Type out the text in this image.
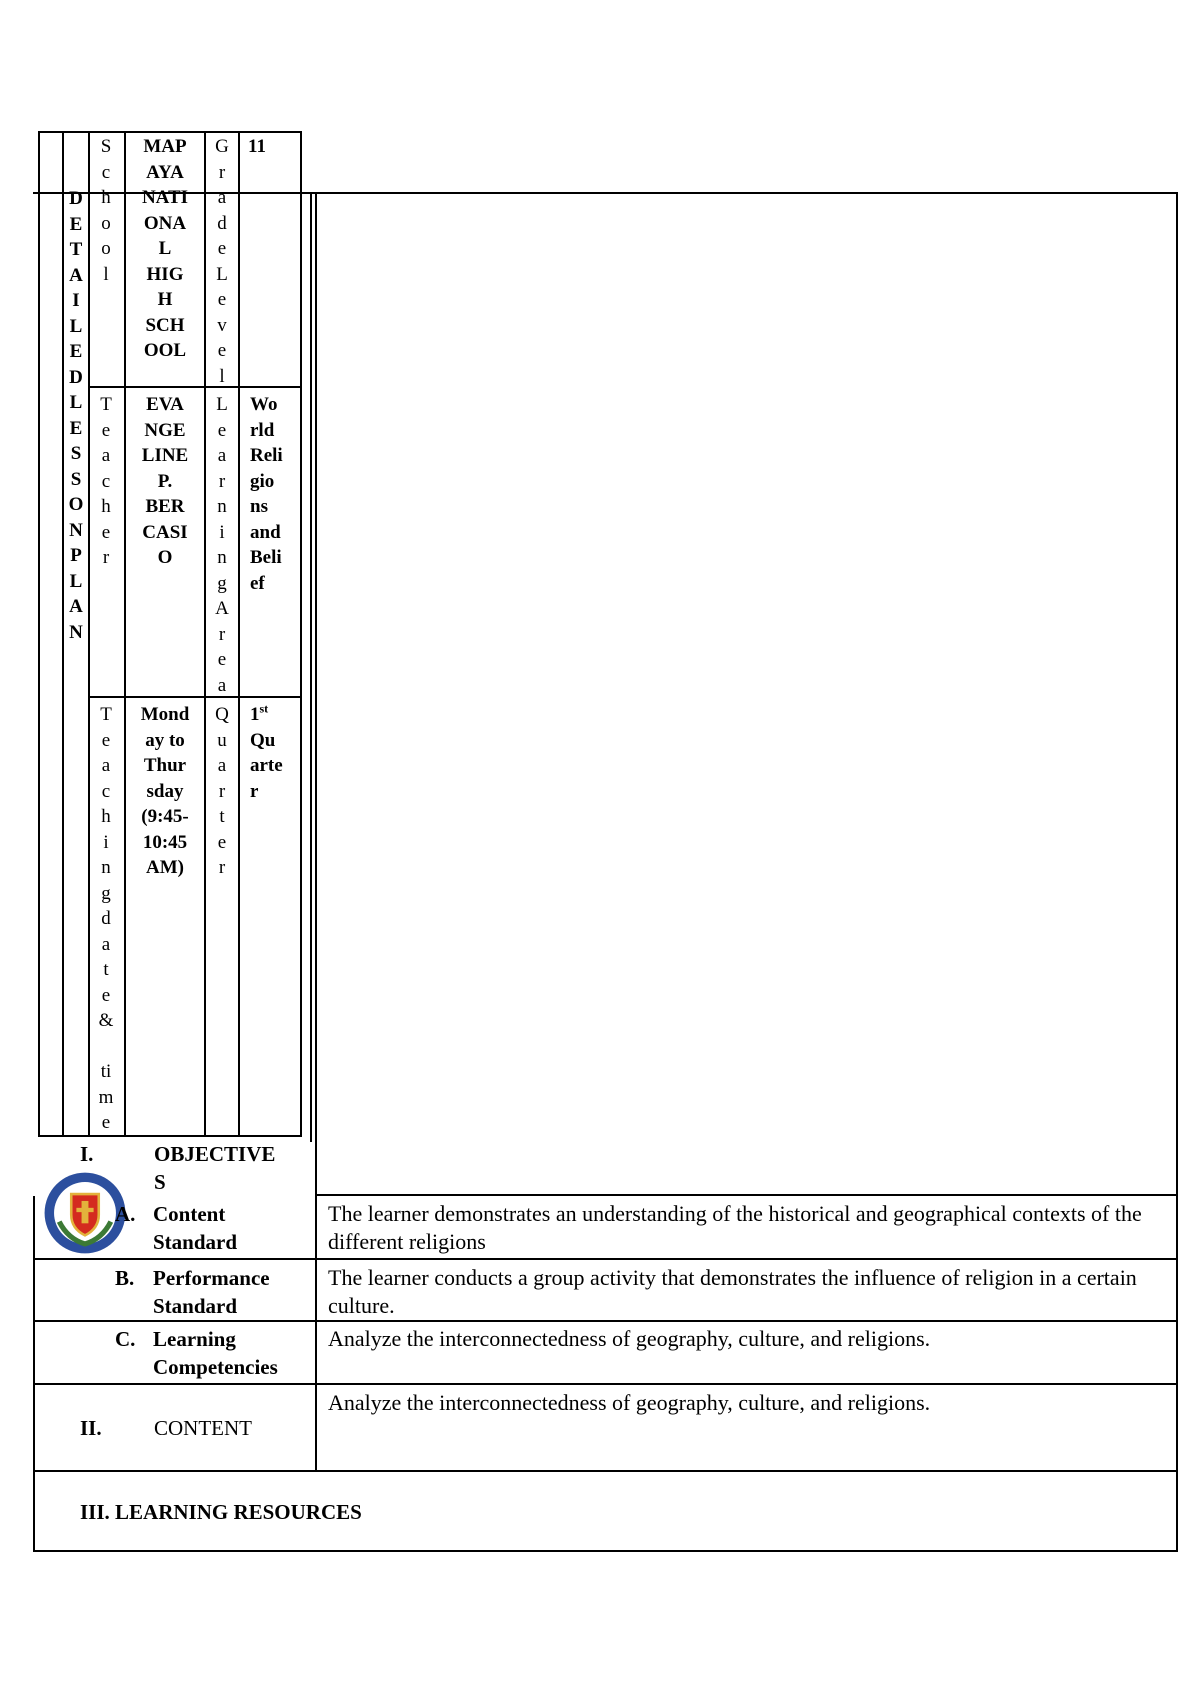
D
E
T
A
I
L
E
D
L
E
S
S
O
N
P
L
A
N
S
c
h
o
o
l
MAP
AYA
NATI
ONA
L
HIG
H
SCH
OOL
G
r
a
d
e
L
e
v
e
l
11
T
e
a
c
h
e
r
EVA
NGE
LINE
P.
BER
CASI
O
L
e
a
r
n
i
n
g
A
r
e
a
Wo
rld
Reli
gio
ns
and
Beli
ef
T
e
a
c
h
i
n
g
d
a
t
e
&

ti
m
e
Mond
ay to
Thur
sday
(9:45-
10:45
AM)
Q
u
a
r
t
e
r
1st
Qu
arte
r
I.	OBJECTIVE
S
A. Content
Standard
The learner demonstrates an understanding of the historical and geographical contexts of the different religions
B. Performance
Standard
The learner conducts a group activity that demonstrates the influence of religion in a certain culture.
C. Learning
Competencies
Analyze the interconnectedness of geography, culture, and religions.
II. CONTENT
Analyze the interconnectedness of geography, culture, and religions.
III. LEARNING RESOURCES
